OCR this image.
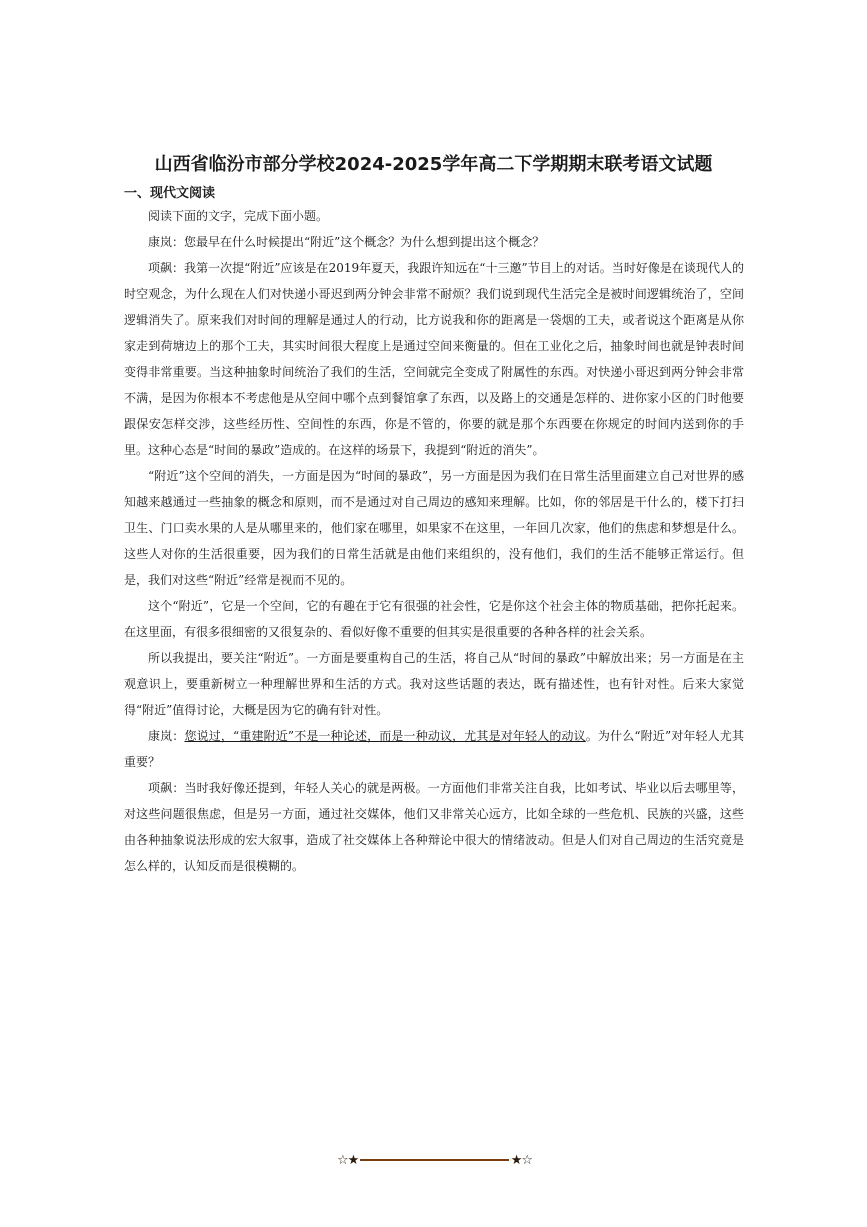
山西省临汾市部分学校2024-2025学年高二下学期期末联考语文试题
一、现代文阅读

阅读下面的文字，完成下面小题。

康岚：您最早在什么时候提出“附近”这个概念？为什么想到提出这个概念？

项飙：我第一次提“附近”应该是在2019年夏天，我跟许知远在“十三邀”节目上的对话。当时好像是在谈现代人的时空观念，为什么现在人们对快递小哥迟到两分钟会非常不耐烦？我们说到现代生活完全是被时间逻辑统治了，空间逻辑消失了。原来我们对时间的理解是通过人的行动，比方说我和你的距离是一袋烟的工夫，或者说这个距离是从你家走到荷塘边上的那个工夫，其实时间很大程度上是通过空间来衡量的。但在工业化之后，抽象时间也就是钟表时间变得非常重要。当这种抽象时间统治了我们的生活，空间就完全变成了附属性的东西。对快递小哥迟到两分钟会非常不满，是因为你根本不考虑他是从空间中哪个点到餐馆拿了东西，以及路上的交通是怎样的、进你家小区的门时他要跟保安怎样交涉，这些经历性、空间性的东西，你是不管的，你要的就是那个东西要在你规定的时间内送到你的手里。这种心态是“时间的暴政”造成的。在这样的场景下，我提到“附近的消失”。

“附近”这个空间的消失，一方面是因为“时间的暴政”，另一方面是因为我们在日常生活里面建立自己对世界的感知越来越通过一些抽象的概念和原则，而不是通过对自己周边的感知来理解。比如，你的邻居是干什么的，楼下打扫卫生、门口卖水果的人是从哪里来的，他们家在哪里，如果家不在这里，一年回几次家，他们的焦虑和梦想是什么。这些人对你的生活很重要，因为我们的日常生活就是由他们来组织的，没有他们，我们的生活不能够正常运行。但是，我们对这些“附近”经常是视而不见的。

这个“附近”，它是一个空间，它的有趣在于它有很强的社会性，它是你这个社会主体的物质基础，把你托起来。在这里面，有很多很细密的又很复杂的、看似好像不重要的但其实是很重要的各种各样的社会关系。

所以我提出，要关注“附近”。一方面是要重构自己的生活，将自己从“时间的暴政”中解放出来；另一方面是在主观意识上，要重新树立一种理解世界和生活的方式。我对这些话题的表达，既有描述性，也有针对性。后来大家觉得“附近”值得讨论，大概是因为它的确有针对性。

康岚：您说过，“重建附近”不是一种论述，而是一种动议，尤其是对年轻人的动议。为什么“附近”对年轻人尤其重要？

项飙：当时我好像还提到，年轻人关心的就是两极。一方面他们非常关注自我，比如考试、毕业以后去哪里等，对这些问题很焦虑，但是另一方面，通过社交媒体，他们又非常关心远方，比如全球的一些危机、民族的兴盛，这些由各种抽象说法形成的宏大叙事，造成了社交媒体上各种辩论中很大的情绪波动。但是人们对自己周边的生活究竟是怎么样的，认知反而是很模糊的。

☆★	★☆
